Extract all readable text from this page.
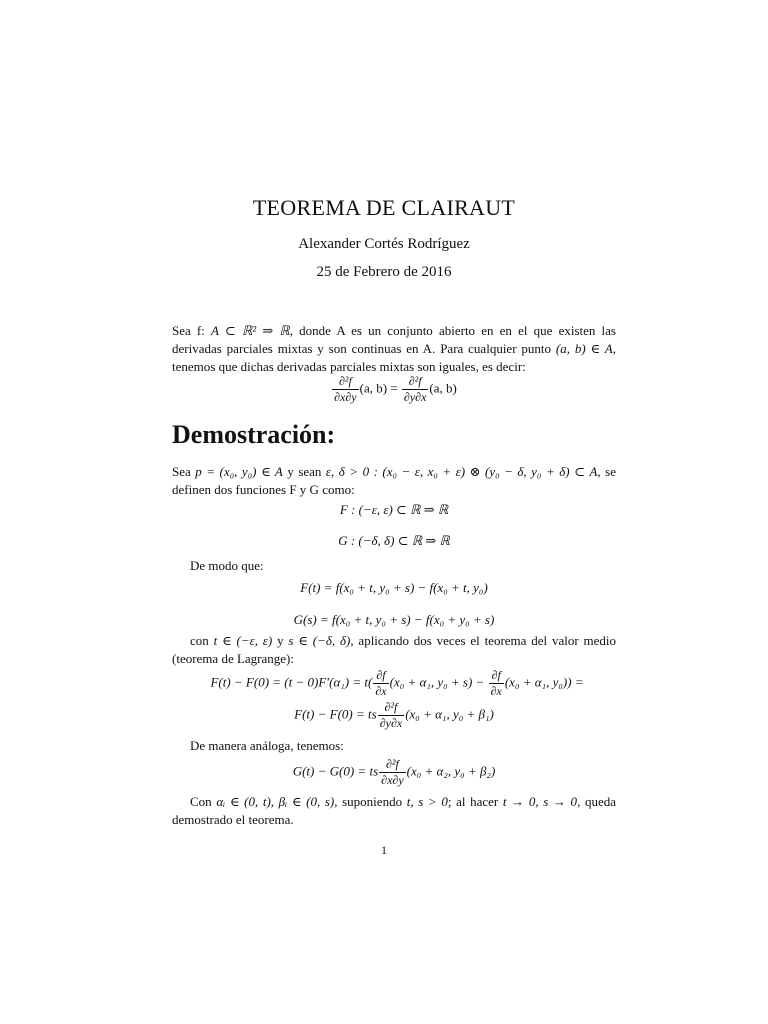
TEOREMA DE CLAIRAUT
Alexander Cortés Rodríguez
25 de Febrero de 2016
Sea f: A ⊂ ℝ² ⇒ ℝ, donde A es un conjunto abierto en en el que existen las derivadas parciales mixtas y son continuas en A. Para cualquier punto (a, b) ∈ A, tenemos que dichas derivadas parciales mixtas son iguales, es decir:
$\frac{\text{∂²f}}{\partial x\partial y} (a$, $b) = \frac{\text{∂²f}}{\partial y\partial x} (a$, b)
Demostración:
Sea p = (x₀, y₀) ∈ A y sean ε, δ > 0 : (x₀ − ε, x₀ + ε) ⊗ (y₀ − δ, y₀ + δ) ⊂ A, se definen dos funciones F y G como:
F : (−ε, ε) ⊂ ℝ ⇒ ℝ
G : (−δ, δ) ⊂ ℝ ⇒ ℝ
De modo que:
F(t) = f(x₀ + t, y₀ + s) − f(x₀ + t, y₀)
G(s) = f(x₀ + t, y₀ + s) − f(x₀ + y₀ + s)
con t ∈ (−ε, ε) y s ∈ (−δ, δ), aplicando dos veces el teorema del valor medio (teorema de Lagrange):
$F(t) - F(0) = (t - 0)F'(\alpha_1) = t( \frac{\partial f}{\partial x} (x_0 + \alpha_1$, $y_0 + s) - \frac{\partial f}{\partial x} (x_0 + \alpha_1$, y₀)) =
F(t) − F(0) = ts $\frac{\text{∂²f}}{\partial y\partial x} (x_0 + \alpha_1$, y₀ + β₁)
De manera análoga, tenemos:
G(t) − G(0) = ts $\frac{\text{∂²f}}{\partial x\partial y} (x_0 + \alpha_2$, y₀ + β₂)
Con αᵢ ∈ (0, t), βᵢ ∈ (0, s), suponiendo t, s > 0; al hacer t → 0, s → 0, queda demostrado el teorema.
1
